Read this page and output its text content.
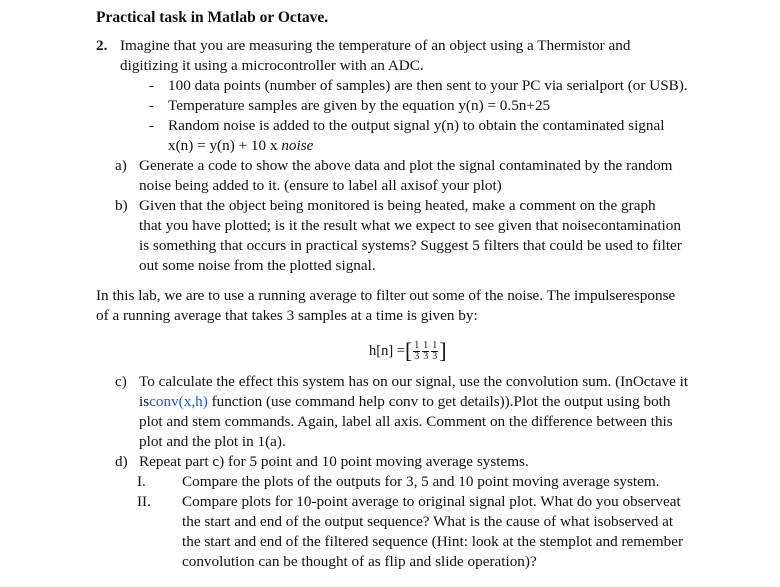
Practical task in Matlab or Octave.
2. Imagine that you are measuring the temperature of an object using a Thermistor and
digitizing it using a microcontroller with an ADC.
- 100 data points (number of samples) are then sent to your PC via serialport (or USB).
- Temperature samples are given by the equation y(n) = 0.5n+25
- Random noise is added to the output signal y(n) to obtain the contaminated signal
x(n) = y(n) + 10 x noise
a) Generate a code to show the above data and plot the signal contaminated by the random
noise being added to it. (ensure to label all axisof your plot)
b) Given that the object being monitored is being heated, make a comment on the graph
that you have plotted; is it the result what we expect to see given that noisecontamination
is something that occurs in practical systems? Suggest 5 filters that could be used to filter
out some noise from the plotted signal.
In this lab, we are to use a running average to filter out some of the noise. The impulseresponse
of a running average that takes 3 samples at a time is given by:
h[n] = [ $\frac{1}{3} \frac{1}{3} \frac{1}{3}$ ]
c) To calculate the effect this system has on our signal, use the convolution sum. (InOctave it
isconv(x,h) function (use command help conv to get details)).Plot the output using both
plot and stem commands. Again, label all axis. Comment on the difference between this
plot and the plot in 1(a).
d) Repeat part c) for 5 point and 10 point moving average systems.
I. Compare the plots of the outputs for 3, 5 and 10 point moving average system.
II. Compare plots for 10-point average to original signal plot. What do you observeat
the start and end of the output sequence? What is the cause of what isobserved at
the start and end of the filtered sequence (Hint: look at the stemplot and remember
convolution can be thought of as flip and slide operation)?
